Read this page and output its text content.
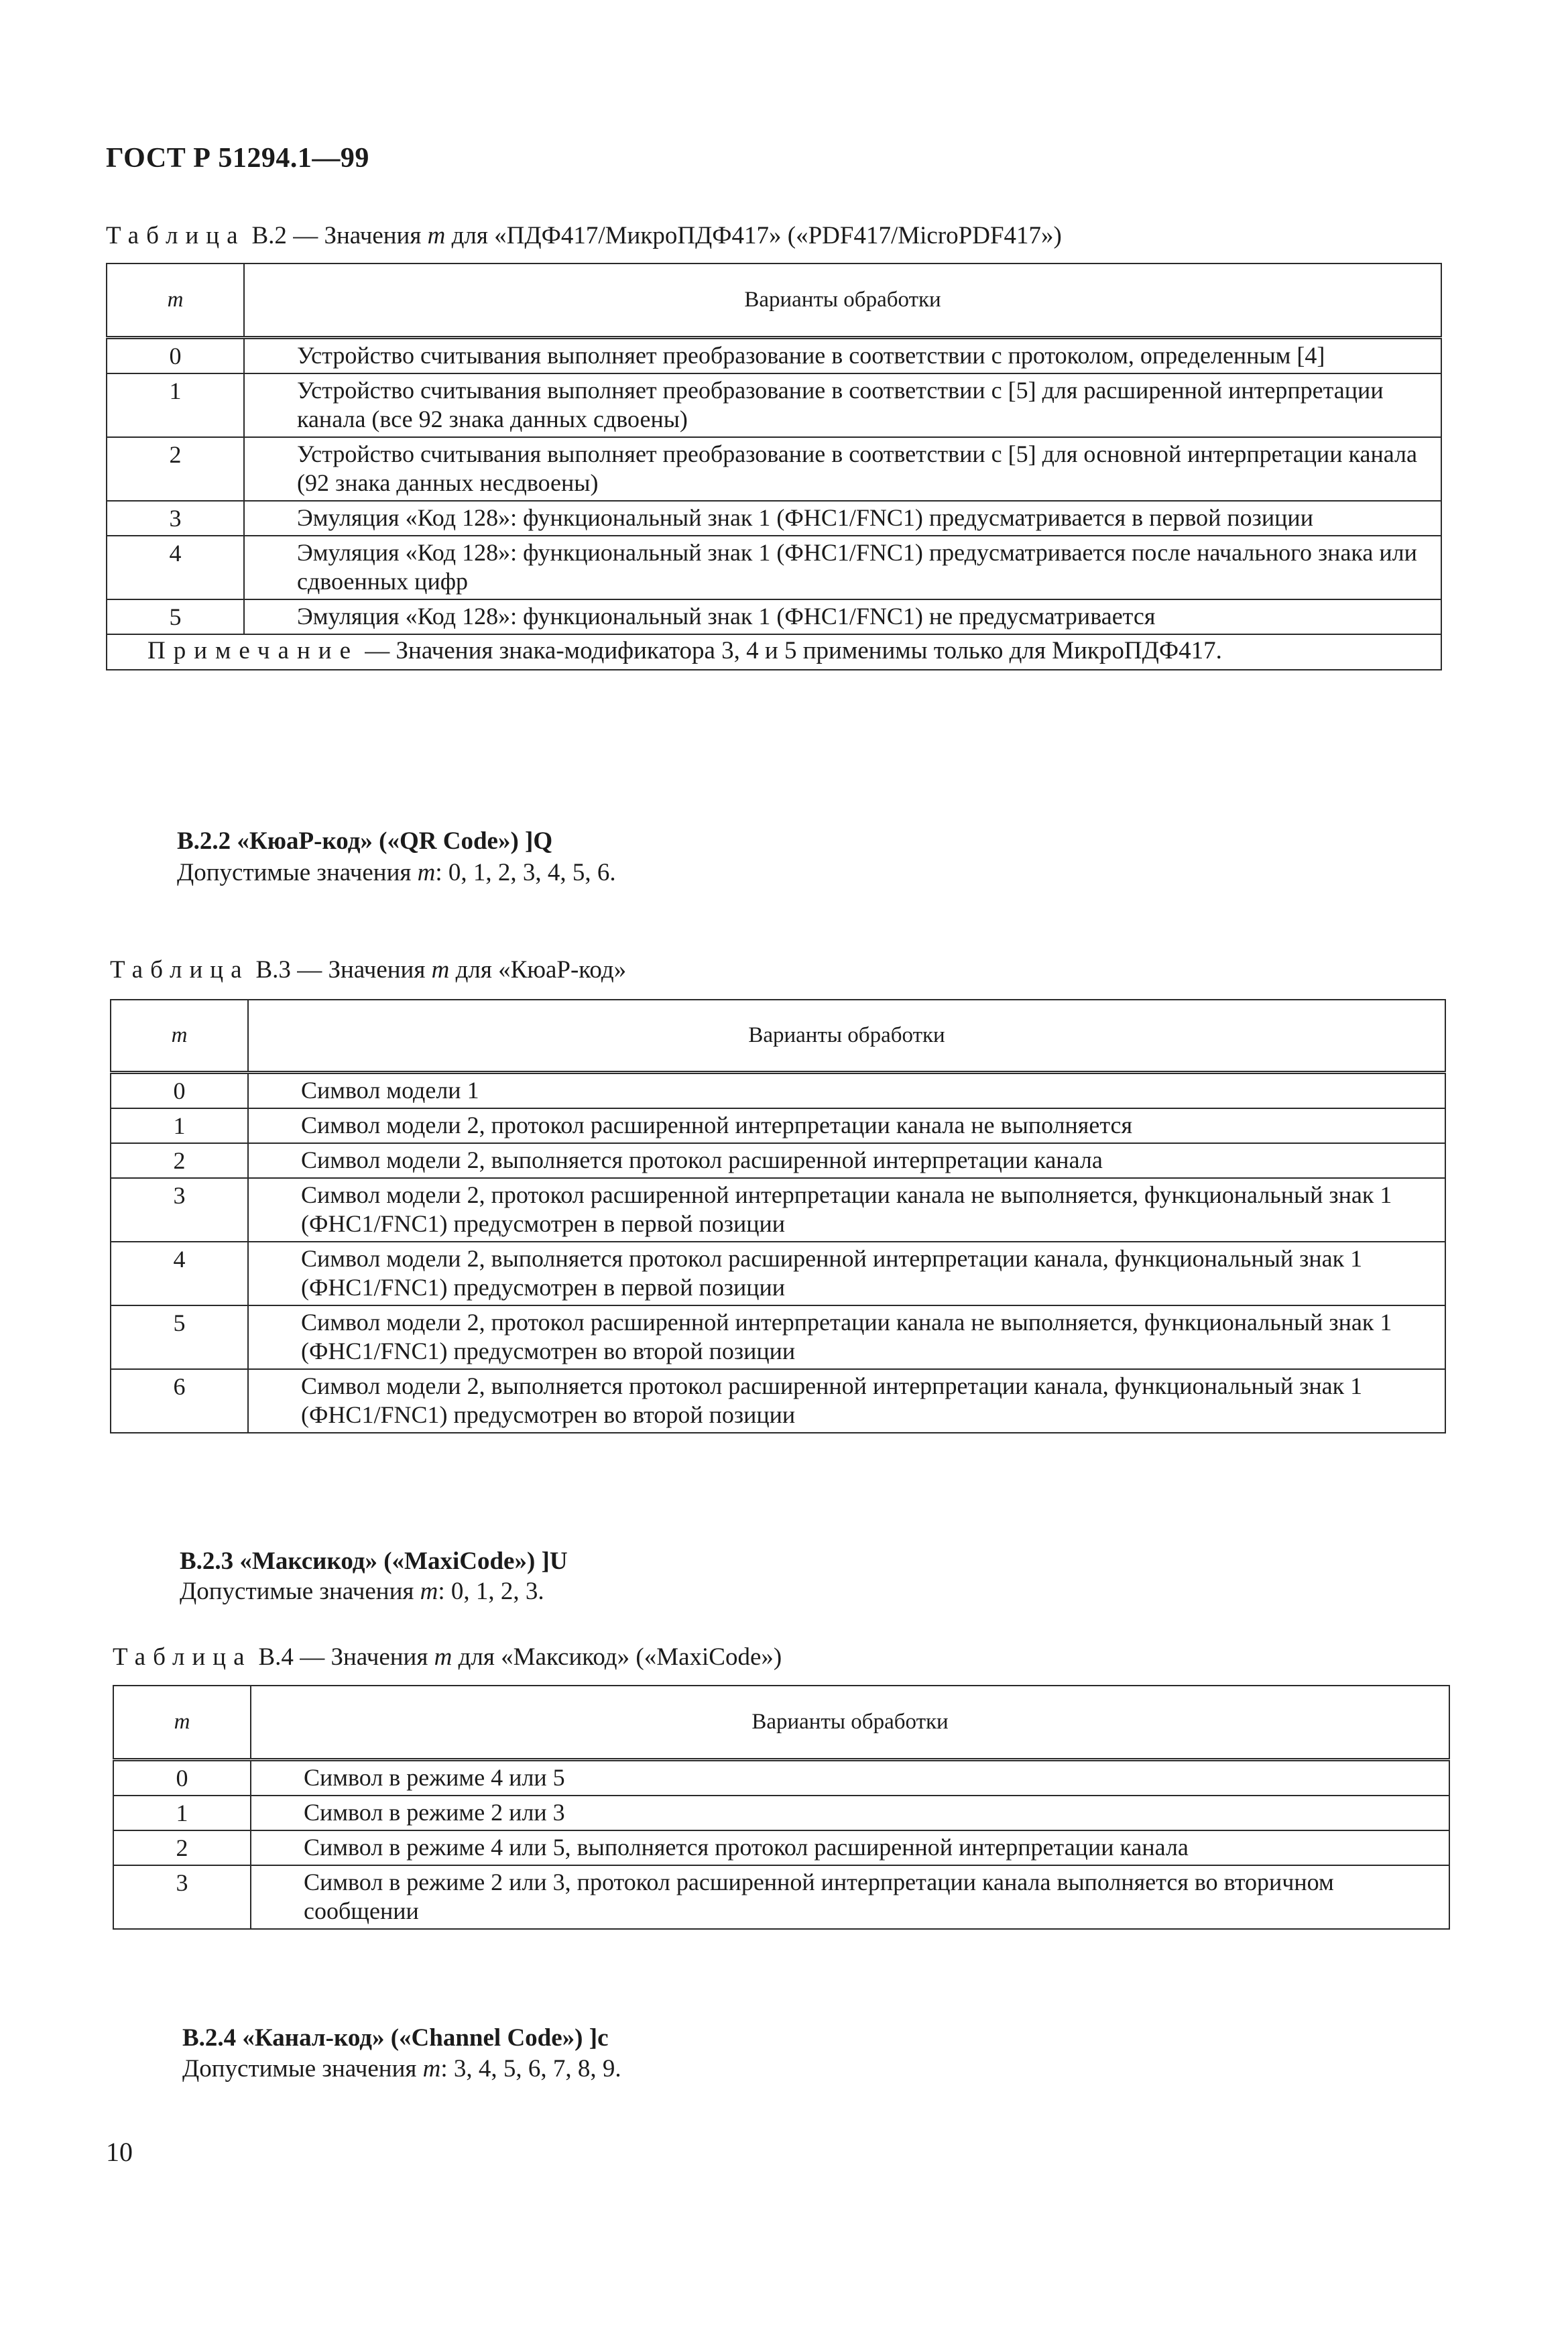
ГОСТ Р 51294.1—99
Таблица В.2 — Значения m для «ПДФ417/МикроПДФ417» («PDF417/MicroPDF417»)
m	Варианты обработки
0	Устройство считывания выполняет преобразование в соответствии с протоколом, определенным [4]
1	Устройство считывания выполняет преобразование в соответствии с [5] для расширенной интерпретации канала (все 92 знака данных сдвоены)
2	Устройство считывания выполняет преобразование в соответствии с [5] для основной интерпретации канала (92 знака данных несдвоены)
3	Эмуляция «Код 128»: функциональный знак 1 (ФНС1/FNC1) предусматривается в первой позиции
4	Эмуляция «Код 128»: функциональный знак 1 (ФНС1/FNC1) предусматривается после начального знака или сдвоенных цифр
5	Эмуляция «Код 128»: функциональный знак 1 (ФНС1/FNC1) не предусматривается
Примечание — Значения знака-модификатора 3, 4 и 5 применимы только для МикроПДФ417.	
В.2.2 «КюаР-код» («QR Code») ]Q
Допустимые значения m: 0, 1, 2, 3, 4, 5, 6.
Таблица В.3 — Значения m для «КюаР-код»
m	Варианты обработки
0	Символ модели 1
1	Символ модели 2, протокол расширенной интерпретации канала не выполняется
2	Символ модели 2, выполняется протокол расширенной интерпретации канала
3	Символ модели 2, протокол расширенной интерпретации канала не выполняется, функциональный знак 1 (ФНС1/FNC1) предусмотрен в первой позиции
4	Символ модели 2, выполняется протокол расширенной интерпретации канала, функциональный знак 1 (ФНС1/FNC1) предусмотрен в первой позиции
5	Символ модели 2, протокол расширенной интерпретации канала не выполняется, функциональный знак 1 (ФНС1/FNC1) предусмотрен во второй позиции
6	Символ модели 2, выполняется протокол расширенной интерпретации канала, функциональный знак 1 (ФНС1/FNC1) предусмотрен во второй позиции
В.2.3 «Максикод» («MaxiCode») ]U
Допустимые значения m: 0, 1, 2, 3.
Таблица В.4 — Значения m для «Максикод» («MaxiCode»)
m	Варианты обработки
0	Символ в режиме 4 или 5
1	Символ в режиме 2 или 3
2	Символ в режиме 4 или 5, выполняется протокол расширенной интерпретации канала
3	Символ в режиме 2 или 3, протокол расширенной интерпретации канала выполняется во вторичном сообщении
В.2.4 «Канал-код» («Channel Code») ]c
Допустимые значения m: 3, 4, 5, 6, 7, 8, 9.
10
